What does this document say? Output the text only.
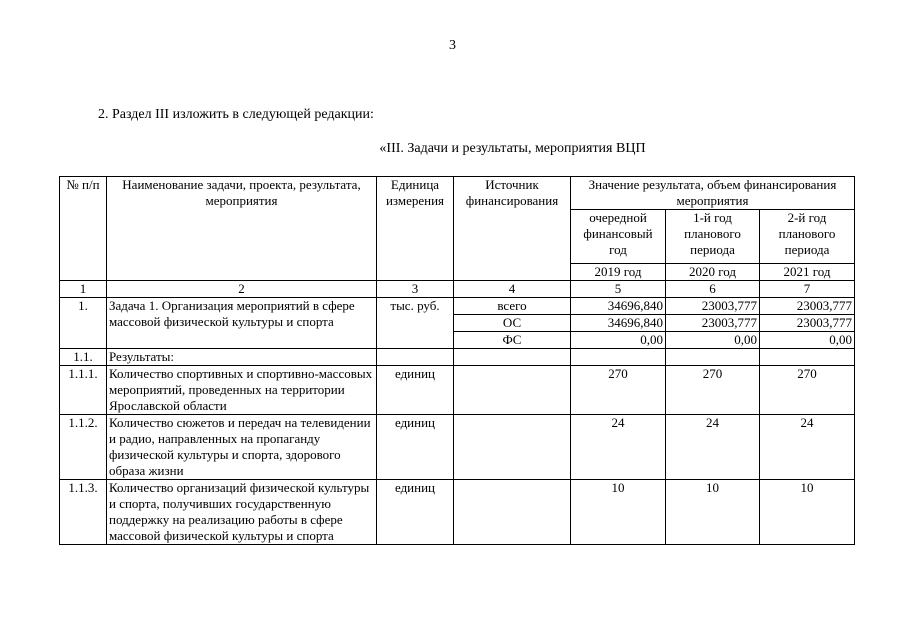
3
2. Раздел III изложить в следующей редакции:
«III. Задачи и результаты, мероприятия ВЦП
№ п/п	Наименование задачи, проекта, результата, мероприятия	Единица измерения	Источник финансирования	Значение результата, объем финансирования мероприятия		
				очередной финансовый год	1-й год планового периода	2-й год планового периода
				2019 год	2020 год	2021 год
1	2	3	4	5	6	7
1.	Задача 1. Организация мероприятий в сфере массовой физической культуры и спорта	тыс. руб.	всего	34696,840	23003,777	23003,777
			ОС	34696,840	23003,777	23003,777
			ФС	0,00	0,00	0,00
1.1.	Результаты:					
1.1.1.	Количество спортивных и спортивно-массовых мероприятий, проведенных на территории Ярославской области	единиц		270	270	270
1.1.2.	Количество сюжетов и передач на телевидении и радио, направленных на пропаганду физической культуры и спорта, здорового образа жизни	единиц		24	24	24
1.1.3.	Количество организаций физической культуры и спорта, получивших государственную поддержку на реализацию работы в сфере массовой физической культуры и спорта	единиц		10	10	10
